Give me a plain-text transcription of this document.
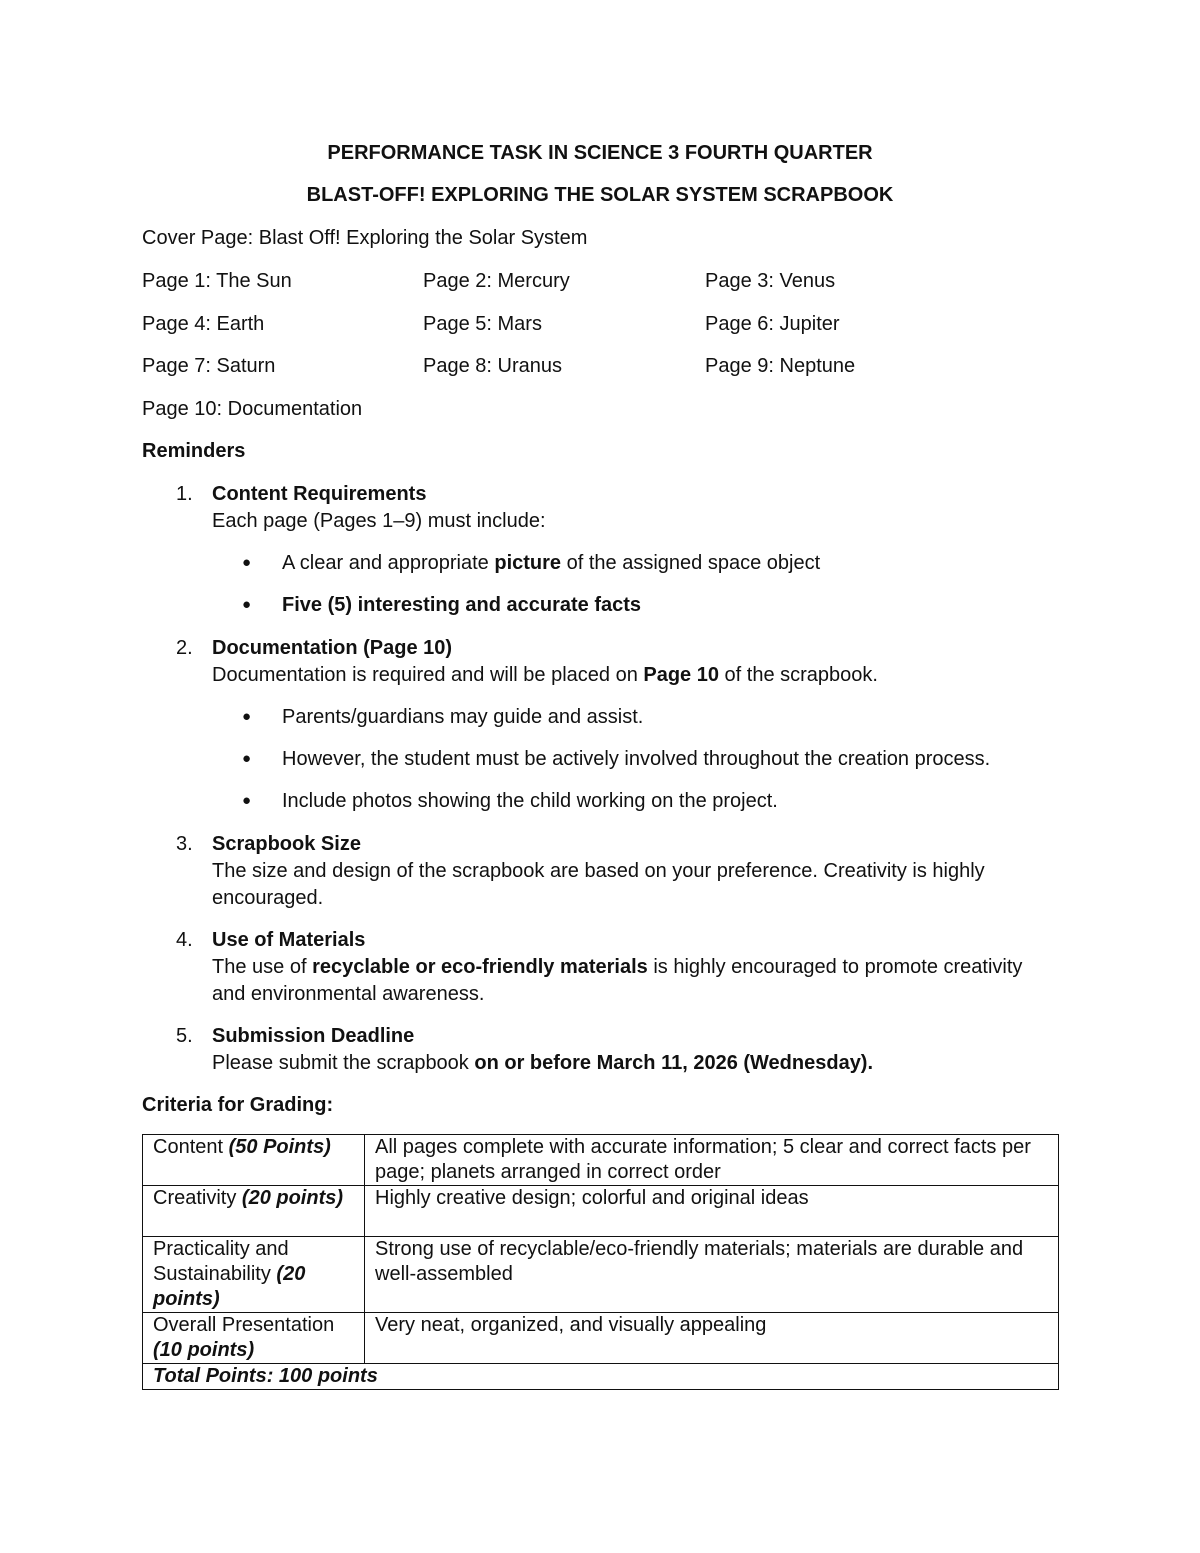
PERFORMANCE TASK IN SCIENCE 3 FOURTH QUARTER
BLAST-OFF! EXPLORING THE SOLAR SYSTEM SCRAPBOOK
Cover Page: Blast Off! Exploring the Solar System
Page 1: The Sun	Page 2: Mercury	Page 3: Venus
Page 4: Earth	Page 5: Mars	Page 6: Jupiter
Page 7: Saturn	Page 8: Uranus	Page 9: Neptune
Page 10: Documentation
Reminders
1. Content Requirements
Each page (Pages 1–9) must include:
● A clear and appropriate picture of the assigned space object
● Five (5) interesting and accurate facts
2. Documentation (Page 10)
Documentation is required and will be placed on Page 10 of the scrapbook.
● Parents/guardians may guide and assist.
● However, the student must be actively involved throughout the creation process.
● Include photos showing the child working on the project.
3. Scrapbook Size
The size and design of the scrapbook are based on your preference. Creativity is highly encouraged.
4. Use of Materials
The use of recyclable or eco-friendly materials is highly encouraged to promote creativity and environmental awareness.
5. Submission Deadline
Please submit the scrapbook on or before March 11, 2026 (Wednesday).
Criteria for Grading:
Content (50 Points)	All pages complete with accurate information; 5 clear and correct facts per page; planets arranged in correct order
Creativity (20 points)	Highly creative design; colorful and original ideas
Practicality and Sustainability (20 points)	Strong use of recyclable/eco-friendly materials; materials are durable and well-assembled
Overall Presentation (10 points)	Very neat, organized, and visually appealing
Total Points: 100 points	
